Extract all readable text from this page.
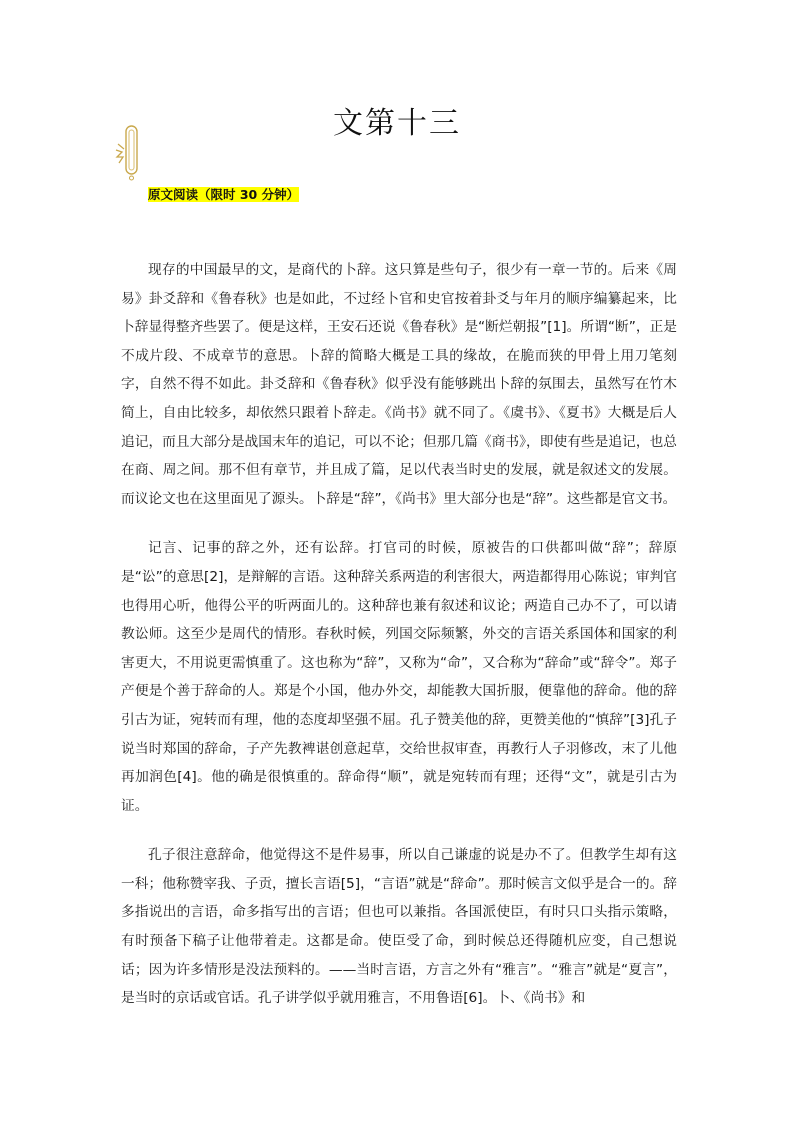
文第十三
原文阅读（限时 30 分钟）

现存的中国最早的文，是商代的卜辞。这只算是些句子，很少有一章一节的。后来《周易》卦爻辞和《鲁春秋》也是如此，不过经卜官和史官按着卦爻与年月的顺序编纂起来，比卜辞显得整齐些罢了。便是这样，王安石还说《鲁春秋》是“断烂朝报”[1]。所谓“断”，正是不成片段、不成章节的意思。卜辞的简略大概是工具的缘故，在脆而狭的甲骨上用刀笔刻字，自然不得不如此。卦爻辞和《鲁春秋》似乎没有能够跳出卜辞的氛围去，虽然写在竹木简上，自由比较多，却依然只跟着卜辞走。《尚书》就不同了。《虞书》、《夏书》大概是后人追记，而且大部分是战国末年的追记，可以不论；但那几篇《商书》，即使有些是追记，也总在商、周之间。那不但有章节，并且成了篇，足以代表当时史的发展，就是叙述文的发展。而议论文也在这里面见了源头。卜辞是“辞”，《尚书》里大部分也是“辞”。这些都是官文书。

记言、记事的辞之外，还有讼辞。打官司的时候，原被告的口供都叫做“辞”；辞原是“讼”的意思[2]，是辩解的言语。这种辞关系两造的利害很大，两造都得用心陈说；审判官也得用心听，他得公平的听两面儿的。这种辞也兼有叙述和议论；两造自己办不了，可以请教讼师。这至少是周代的情形。春秋时候，列国交际频繁，外交的言语关系国体和国家的利害更大，不用说更需慎重了。这也称为“辞”，又称为“命”，又合称为“辞命”或“辞令”。郑子产便是个善于辞命的人。郑是个小国，他办外交，却能教大国折服，便靠他的辞命。他的辞引古为证，宛转而有理，他的态度却坚强不屈。孔子赞美他的辞，更赞美他的“慎辞”[3]孔子说当时郑国的辞命，子产先教裨谌创意起草，交给世叔审查，再教行人子羽修改，末了儿他再加润色[4]。他的确是很慎重的。辞命得“顺”，就是宛转而有理；还得“文”，就是引古为证。

孔子很注意辞命，他觉得这不是件易事，所以自己谦虚的说是办不了。但教学生却有这一科；他称赞宰我、子贡，擅长言语[5]，“言语”就是“辞命”。那时候言文似乎是合一的。辞多指说出的言语，命多指写出的言语；但也可以兼指。各国派使臣，有时只口头指示策略，有时预备下稿子让他带着走。这都是命。使臣受了命，到时候总还得随机应变，自己想说话；因为许多情形是没法预料的。——当时言语，方言之外有“雅言”。“雅言”就是“夏言”，是当时的京话或官话。孔子讲学似乎就用雅言，不用鲁语[6]。卜、《尚书》和
